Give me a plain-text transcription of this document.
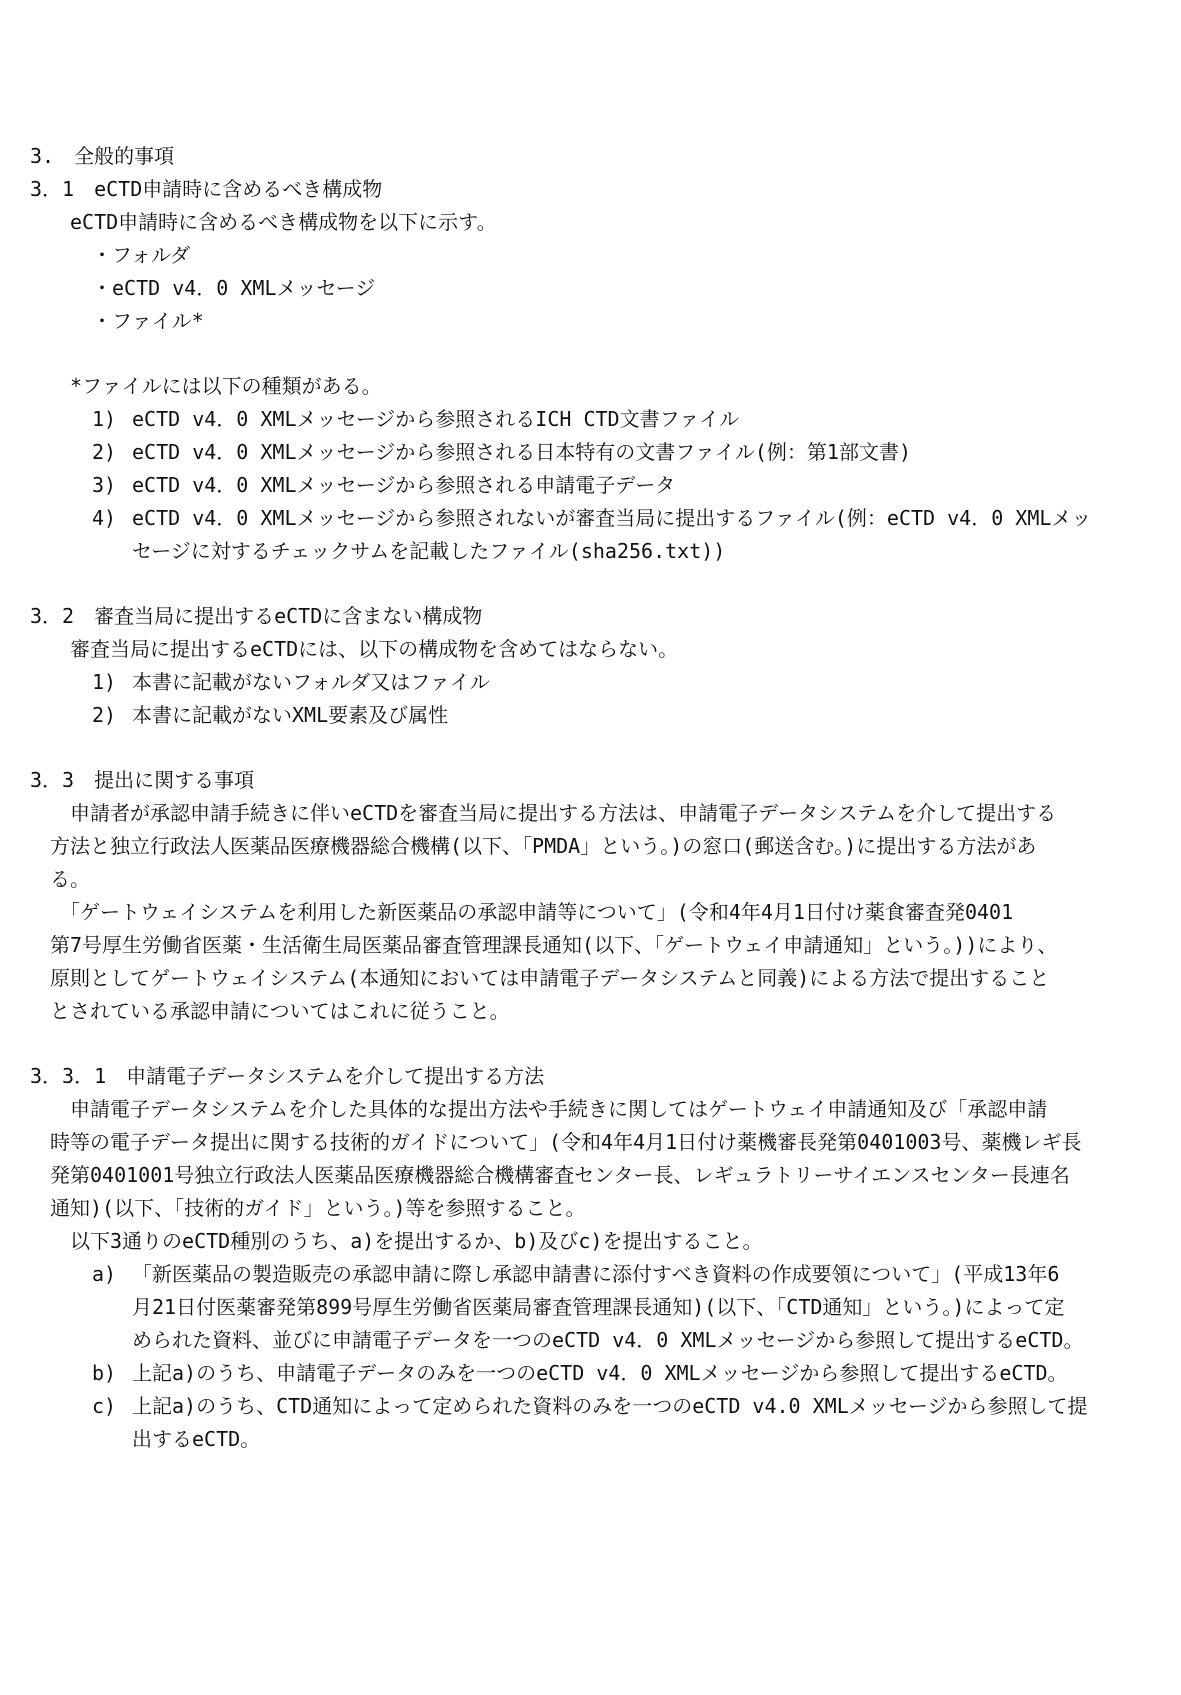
3.　全般的事項
3．1　eCTD申請時に含めるべき構成物
eCTD申請時に含めるべき構成物を以下に示す。
・フォルダ
・eCTD v4．0 XMLメッセージ
・ファイル*
*ファイルには以下の種類がある。
1) eCTD v4．0 XMLメッセージから参照されるICH CTD文書ファイル
2) eCTD v4．0 XMLメッセージから参照される日本特有の文書ファイル(例：第1部文書)
3) eCTD v4．0 XMLメッセージから参照される申請電子データ
4) eCTD v4．0 XMLメッセージから参照されないが審査当局に提出するファイル(例：eCTD v4．0 XMLメッ
セージに対するチェックサムを記載したファイル(sha256.txt))
3．2　審査当局に提出するeCTDに含まない構成物
審査当局に提出するeCTDには、以下の構成物を含めてはならない。
1) 本書に記載がないフォルダ又はファイル
2) 本書に記載がないXML要素及び属性
3．3　提出に関する事項
申請者が承認申請手続きに伴いeCTDを審査当局に提出する方法は、申請電子データシステムを介して提出する
方法と独立行政法人医薬品医療機器総合機構(以下、「PMDA」という。)の窓口(郵送含む。)に提出する方法があ
る。
「ゲートウェイシステムを利用した新医薬品の承認申請等について」(令和4年4月1日付け薬食審査発0401
第7号厚生労働省医薬・生活衛生局医薬品審査管理課長通知(以下、「ゲートウェイ申請通知」という。))により、
原則としてゲートウェイシステム(本通知においては申請電子データシステムと同義)による方法で提出すること
とされている承認申請についてはこれに従うこと。
3．3．1　申請電子データシステムを介して提出する方法
申請電子データシステムを介した具体的な提出方法や手続きに関してはゲートウェイ申請通知及び「承認申請
時等の電子データ提出に関する技術的ガイドについて」(令和4年4月1日付け薬機審長発第0401003号、薬機レギ長
発第0401001号独立行政法人医薬品医療機器総合機構審査センター長、レギュラトリーサイエンスセンター長連名
通知)(以下、「技術的ガイド」という。)等を参照すること。
以下3通りのeCTD種別のうち、a)を提出するか、b)及びc)を提出すること。
a) 「新医薬品の製造販売の承認申請に際し承認申請書に添付すべき資料の作成要領について」(平成13年6
月21日付医薬審発第899号厚生労働省医薬局審査管理課長通知)(以下、「CTD通知」という。)によって定
められた資料、並びに申請電子データを一つのeCTD v4．0 XMLメッセージから参照して提出するeCTD。
b) 上記a)のうち、申請電子データのみを一つのeCTD v4．0 XMLメッセージから参照して提出するeCTD。
c) 上記a)のうち、CTD通知によって定められた資料のみを一つのeCTD v4.0 XMLメッセージから参照して提
出するeCTD。
